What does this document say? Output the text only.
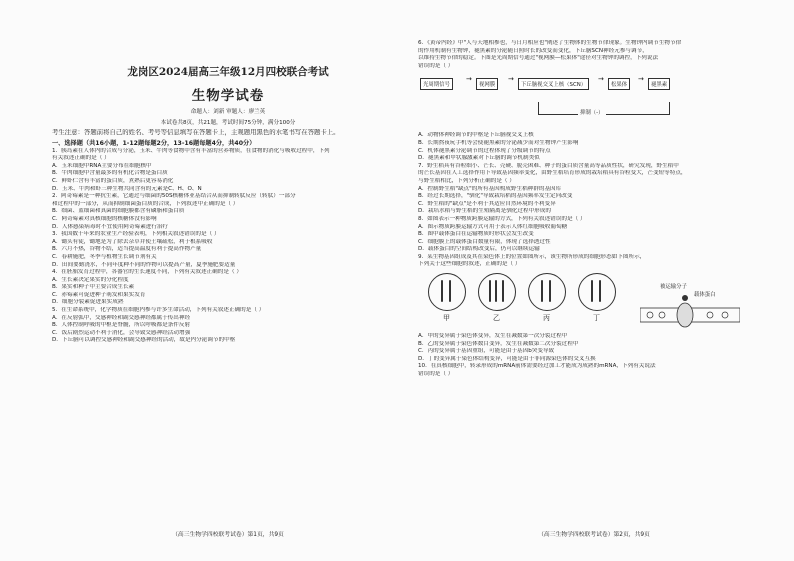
龙岗区2024届高三年级12月四校联合考试
生物学试卷
命题人：刘新 审题人：廖兰英
本试卷共8页，共21题，考试时间75分钟，满分100分
考生注意：答题前将自己的姓名、考号等信息填写在答题卡上，主观题用黑色的水笔书写在答题卡上。
一、选择题（共16小题，1-12题每题2分，13-16题每题4分，共40分）
1．胰岛素在人体内的合成与分泌，玉米、牛肉等食物中含有丰富的营养物质，在食物的消化与吸收过程中，下列
有关叙述正确的是（ ）
A．玉米细胞中RNA主要分布在细胞核中
B．牛肉细胞中含量最多的有机化合物是蛋白质
C．鲜虾仁含有丰富的蛋白质，煮熟后更容易消化
D．玉米、牛肉和虾三种生物共同含有的元素是C、H、O、N
2．阿奇霉素是一种抗生素，它通过与细菌的50S核糖体亚基结合从而抑制转肽反应（转肽）一部分
和过程中的一部分，从而抑制细菌蛋白质的合成，下列叙述中正确的是（ ）
B．细菌、蓝细菌和真菌的细胞膜都含有磷脂和蛋白质
C．阿奇霉素对真核细胞的核糖体没有影响
D．人体感染病毒时不宜使用阿奇霉素进行治疗
3．我国数千年来的农业生产经验表明，下列相关叙述错误的是（ ）
A．锄头有徒，锄地是为了除去杂草并使土壤疏松，利于根系吸收
B．六月不热，谷物不结，适当提高温度有利于提高作物产量
C．春耕施肥，冬季与植物生长调节剂有关
D．田间要勤浇水，不同年度种不同的作物可以提高产量，夏季施肥要适量
4．在胚胎发育过程中，各器官的生长速度不同，下列有关叙述正确的是（ ）
A．生长素决定果实的分化程度
B．果实和种子中主要合成生长素
C．赤霉素可促进种子萌发和果实发育
D．细胞分裂素促进果实成熟
5．在生命系统中，化学物质在细胞内参与许多生命活动，下列有关叙述正确的是（ ）
A．在反射弧中，交感神经和副交感神经都属于传出神经
B．人体控制呼吸的中枢是脊髓，所以呼吸都是条件反射
C．饭后剧烈运动不利于消化，会导致交感神经活动增强
D．下丘脑可以调控交感神经和副交感神经的活动，故是内分泌调节的中枢
（高三生物学四校联考试卷）第1页，共9页
6．《黄帝内经》中"人与天地相参也，与日月相应也"阐述了生物体的生物节律现象。生物钟内调节生物节律
的作用机制有生物钟，褪黑素的分泌随日照时长的改变而变化，下丘脑SCN神经元参与调节，
以维持生物节律的稳定。下图是光周期信号通过"视网膜—松果体"途径对生物钟的调控，下列说法
错误的是（ ）
光周期信号
→
视网膜
→
下丘脑视交叉上核（SCN）
→
松果体
→
褪黑素
抑制（-）
A．动物体神经调节的中枢是下丘脑视交叉上核
B．长期熬夜玩手机等会使褪黑素的分泌减少而对生物钟产生影响
C．机体褪黑素分泌调节的过程体现了分级调节的特点
D．褪黑素和甲状腺激素对下丘脑的调节机制类似
7．野生稻具有谷粒细小、芒长、壳硬、脱壳困难、种子的蛋白质含量高等品质性状，研究发现，野生稻中
的芒长基因在人工选择作用下导致基因频率变化，由野生稻培育形成的栽培稻具有谷粒变大，芒变短等特点，
与野生稻相比，下列分析正确的是（ ）
A．控制野生稻"缺点"的所有基因构成野生稻种群的基因库
B．经过长期选择，"驯化"导致栽培稻的基因频率发生定向改变
C．野生稻的"缺点"是不利于其适应自然环境的不利变异
D．栽培水稻与野生稻的生殖隔离是驯化过程中形成的
8．如图表示一种物质跨膜运输的方式，下列有关叙述错误的是（ ）
A．图示物质跨膜运输方式可用于表示人体红细胞吸收葡萄糖
B．图中载体蛋白在运输物质时形状会发生改变
C．细胞膜上的载体蛋白数量有限，体现了选择透过性
D．载体蛋白的空间结构改变后，仍可以继续运输
9．某生物基因组成及其在染色体上的位置如图所示，该生物所形成的细胞形态如下图所示，
下列关于这些细胞的叙述，正确的是（ ）
甲	乙	丙	丁
A．甲的变异属于染色体变异，发生在减数第一次分裂过程中
B．乙的变异属于染色体数目变异，发生在减数第二次分裂过程中
C．丙的变异属于基因重组，可能是由于基因b突变导致
D．丁的变异属于染色体结构变异，可能是由于非同源染色体的交叉互换
10．在真核细胞中，转录形成的mRNA前体需要经过加工才能成为成熟的mRNA，下列有关说法
错误的是（ ）
（高三生物学四校联考试卷）第2页，共9页
载体蛋白
被运输分子
